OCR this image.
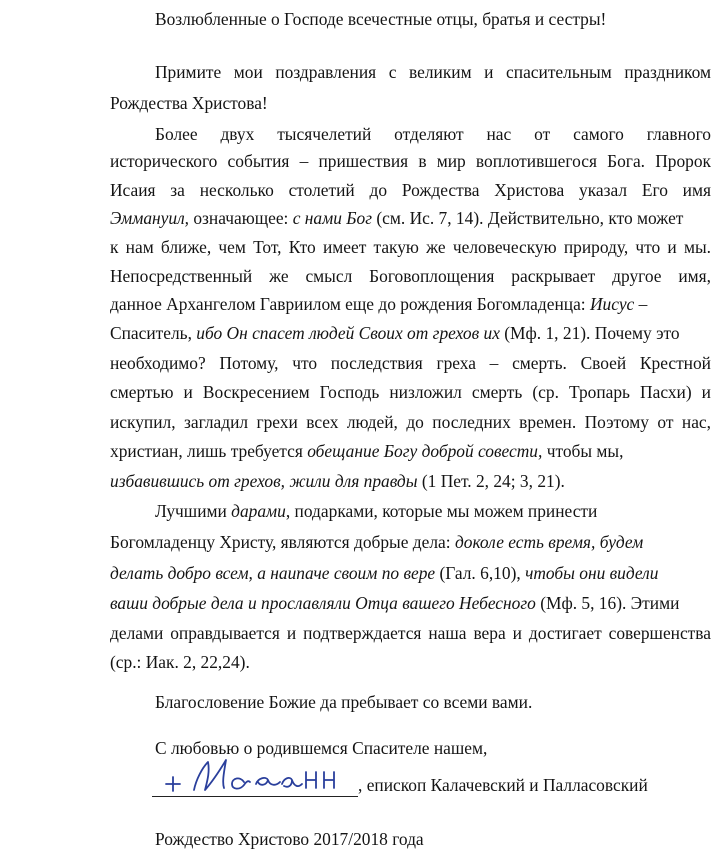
Возлюбленные о Господе всечестные отцы, братья и сестры!
Примите мои поздравления с великим и спасительным праздником
Рождества Христова!
Более двух тысячелетий отделяют нас от самого главного
исторического события – пришествия в мир воплотившегося Бога. Пророк
Исаия за несколько столетий до Рождества Христова указал Его имя
Эммануил, означающее: с нами Бог (см. Ис. 7, 14). Действительно, кто может
к нам ближе, чем Тот, Кто имеет такую же человеческую природу, что и мы.
Непосредственный же смысл Боговоплощения раскрывает другое имя,
данное Архангелом Гавриилом еще до рождения Богомладенца: Иисус –
Спаситель, ибо Он спасет людей Своих от грехов их (Мф. 1, 21). Почему это
необходимо? Потому, что последствия греха – смерть. Своей Крестной
смертью и Воскресением Господь низложил смерть (ср. Тропарь Пасхи) и
искупил, загладил грехи всех людей, до последних времен. Поэтому от нас,
христиан, лишь требуется обещание Богу доброй совести, чтобы мы,
избавившись от грехов, жили для правды (1 Пет. 2, 24; 3, 21).
Лучшими дарами, подарками, которые мы можем принести
Богомладенцу Христу, являются добрые дела: доколе есть время, будем
делать добро всем, а наипаче своим по вере (Гал. 6,10), чтобы они видели
ваши добрые дела и прославляли Отца вашего Небесного (Мф. 5, 16). Этими
делами оправдывается и подтверждается наша вера и достигает совершенства
(ср.: Иак. 2, 22,24).
Благословение Божие да пребывает со всеми вами.
С любовью о родившемся Спасителе нашем,
, епископ Калачевский и Палласовский
Рождество Христово 2017/2018 года
